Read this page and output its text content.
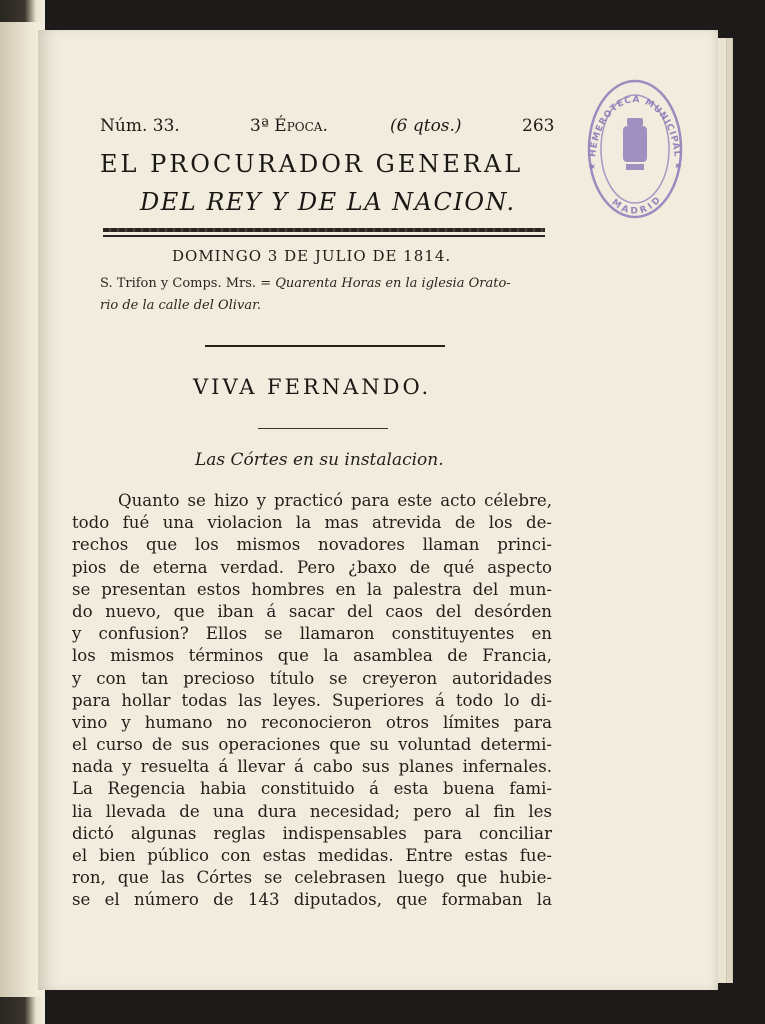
Núm. 33.	3ª Época.	(6 qtos.)	263
EL PROCURADOR GENERAL
DEL REY Y DE LA NACION.
DOMINGO 3 DE JULIO DE 1814.
S. Trifon y Comps. Mrs. = Quarenta Horas en la iglesia Orato-
rio de la calle del Olivar.
VIVA FERNANDO.
Las Córtes en su instalacion.
Quanto se hizo y practicó para este acto célebre,
todo fué una violacion la mas atrevida de los de-
rechos que los mismos novadores llaman princi-
pios de eterna verdad. Pero ¿baxo de qué aspecto
se presentan estos hombres en la palestra del mun-
do nuevo, que iban á sacar del caos del desórden
y confusion? Ellos se llamaron constituyentes en
los mismos términos que la asamblea de Francia,
y con tan precioso título se creyeron autoridades
para hollar todas las leyes. Superiores á todo lo di-
vino y humano no reconocieron otros límites para
el curso de sus operaciones que su voluntad determi-
nada y resuelta á llevar á cabo sus planes infernales.
La Regencia habia constituido á esta buena fami-
lia llevada de una dura necesidad; pero al fin les
dictó algunas reglas indispensables para conciliar
el bien público con estas medidas. Entre estas fue-
ron, que las Córtes se celebrasen luego que hubie-
se el número de 143 diputados, que formaban la
★ HEMEROTECA MUNICIPAL ★
MADRID
